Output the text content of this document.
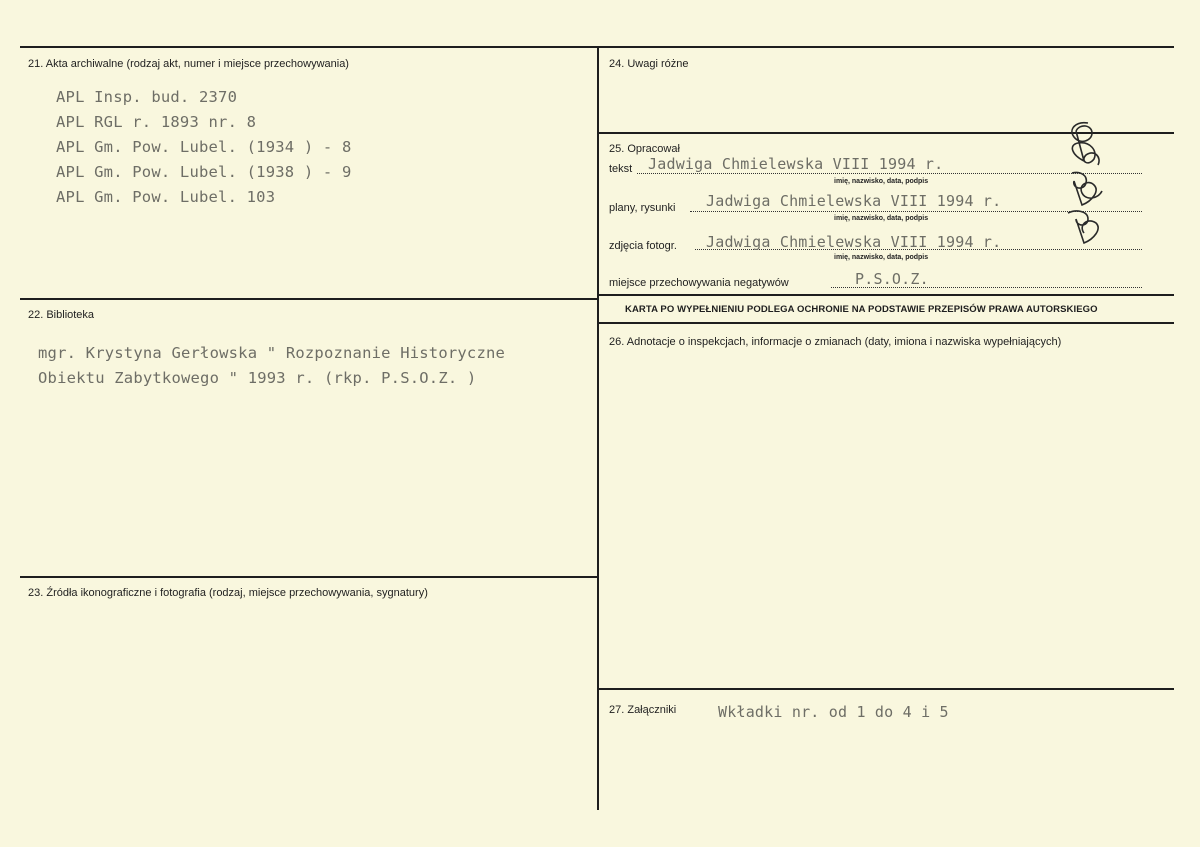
21. Akta archiwalne (rodzaj akt, numer i miejsce przechowywania)
APL Insp. bud. 2370
APL RGL r. 1893 nr. 8
APL Gm. Pow. Lubel. (1934 ) - 8
APL Gm. Pow. Lubel. (1938 ) - 9
APL Gm. Pow. Lubel. 103
22. Biblioteka
mgr. Krystyna Gerłowska " Rozpoznanie Historyczne
Obiektu Zabytkowego " 1993 r. (rkp. P.S.O.Z. )
23. Źródła ikonograficzne i fotografia (rodzaj, miejsce przechowywania, sygnatury)
24. Uwagi różne
25. Opracował
tekst Jadwiga Chmielewska VIII 1994 r.
imię, nazwisko, data, podpis
plany, rysunki Jadwiga Chmielewska VIII 1994 r.
imię, nazwisko, data, podpis
zdjęcia fotogr. Jadwiga Chmielewska VIII 1994 r.
imię, nazwisko, data, podpis
miejsce przechowywania negatywów	P.S.O.Z.
KARTA PO WYPEŁNIENIU PODLEGA OCHRONIE NA PODSTAWIE PRZEPISÓW PRAWA AUTORSKIEGO
26. Adnotacje o inspekcjach, informacje o zmianach (daty, imiona i nazwiska wypełniających)
27. Załączniki	Wkładki nr. od 1 do 4 i 5
